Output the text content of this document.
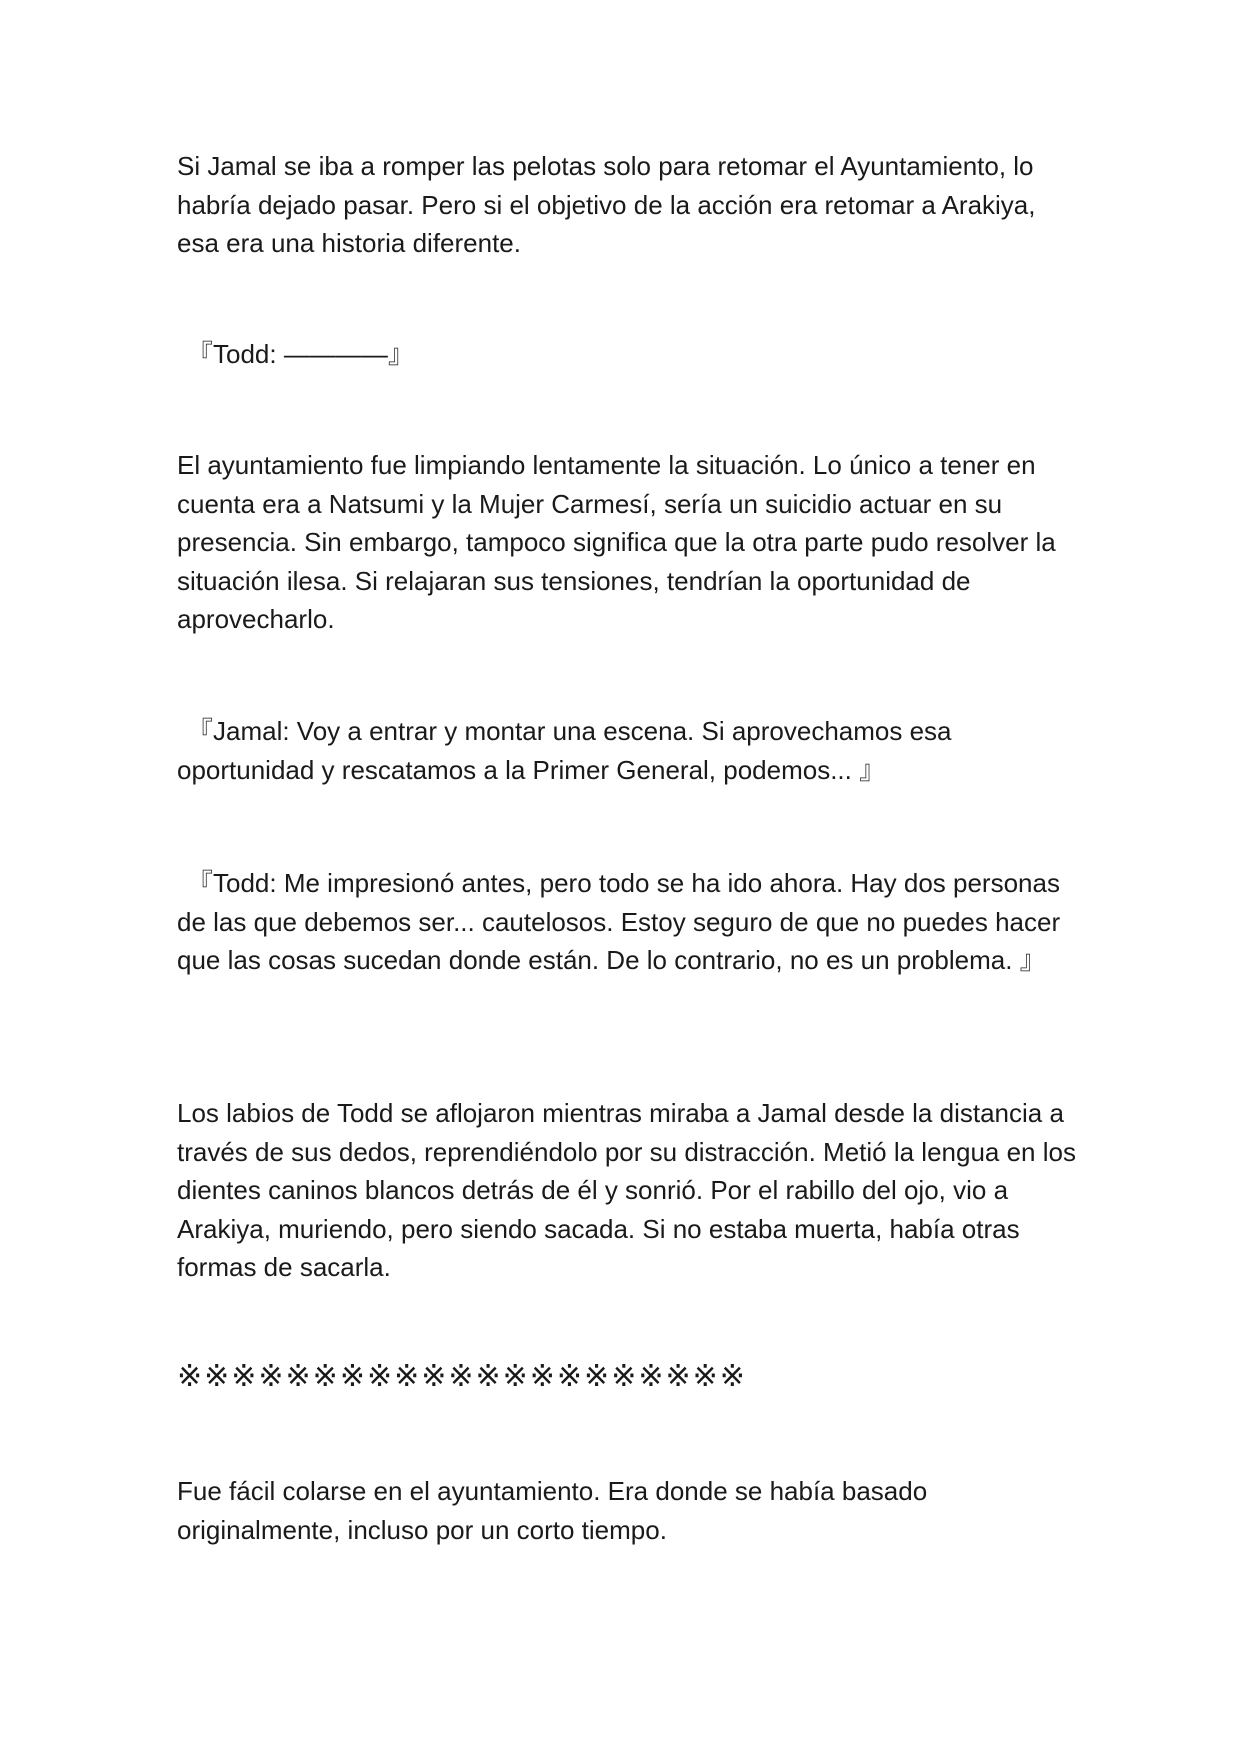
Si Jamal se iba a romper las pelotas solo para retomar el Ayuntamiento, lo habría dejado pasar. Pero si el objetivo de la acción era retomar a Arakiya, esa era una historia diferente.

『Todd: ————』

El ayuntamiento fue limpiando lentamente la situación. Lo único a tener en cuenta era a Natsumi y la Mujer Carmesí, sería un suicidio actuar en su presencia. Sin embargo, tampoco significa que la otra parte pudo resolver la situación ilesa. Si relajaran sus tensiones, tendrían la oportunidad de aprovecharlo.

『Jamal: Voy a entrar y montar una escena. Si aprovechamos esa oportunidad y rescatamos a la Primer General, podemos... 』

『Todd: Me impresionó antes, pero todo se ha ido ahora. Hay dos personas de las que debemos ser... cautelosos. Estoy seguro de que no puedes hacer que las cosas sucedan donde están. De lo contrario, no es un problema. 』

Los labios de Todd se aflojaron mientras miraba a Jamal desde la distancia a través de sus dedos, reprendiéndolo por su distracción. Metió la lengua en los dientes caninos blancos detrás de él y sonrió. Por el rabillo del ojo, vio a Arakiya, muriendo, pero siendo sacada. Si no estaba muerta, había otras formas de sacarla.

※※※※※※※※※※※※※※※※※※※※※

Fue fácil colarse en el ayuntamiento. Era donde se había basado originalmente, incluso por un corto tiempo.
